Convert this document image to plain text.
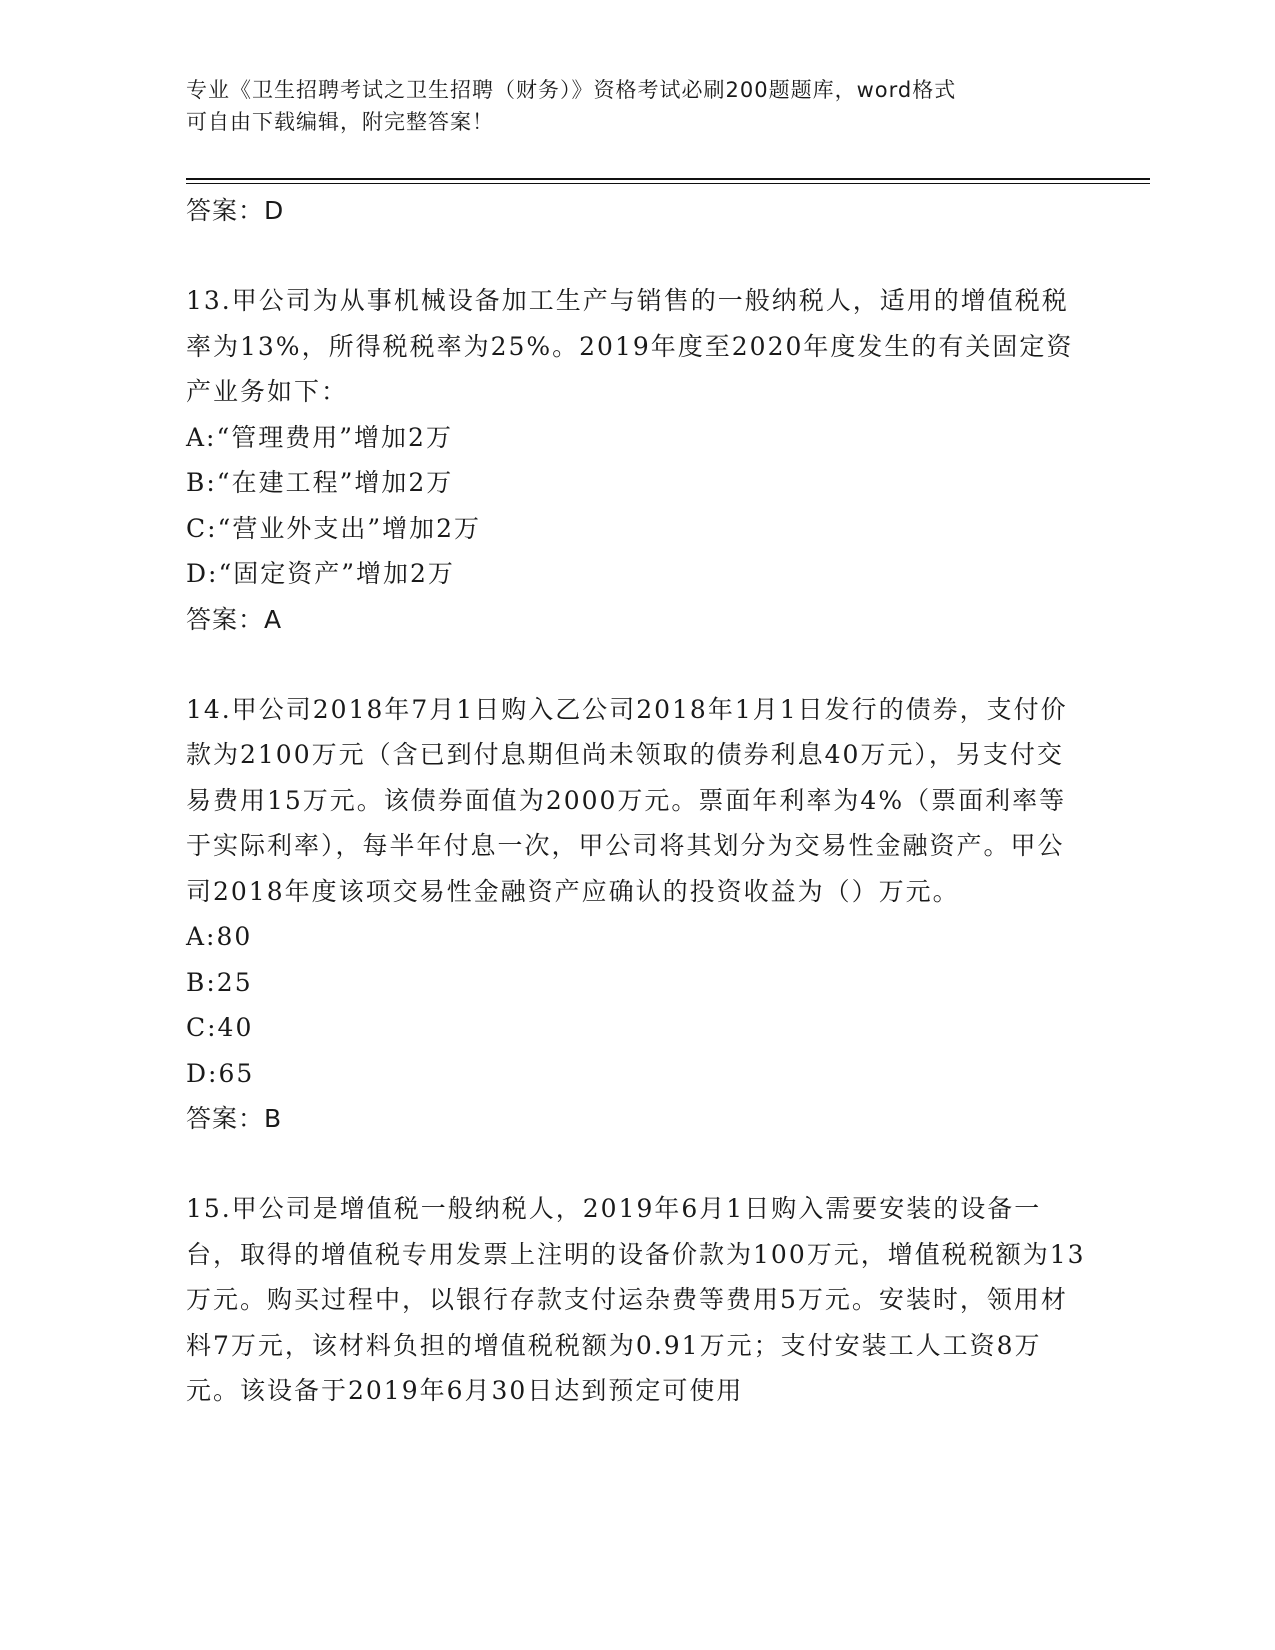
专业《卫生招聘考试之卫生招聘（财务）》资格考试必刷200题题库，word格式
可自由下载编辑，附完整答案！
答案：D

13.甲公司为从事机械设备加工生产与销售的一般纳税人，适用的增值税税率为13%，所得税税率为25%。2019年度至2020年度发生的有关固定资产业务如下：

A:“管理费用”增加2万
B:“在建工程”增加2万
C:“营业外支出”增加2万
D:“固定资产”增加2万
答案：A

14.甲公司2018年7月1日购入乙公司2018年1月1日发行的债券，支付价款为2100万元（含已到付息期但尚未领取的债券利息40万元），另支付交易费用15万元。该债券面值为2000万元。票面年利率为4%（票面利率等于实际利率），每半年付息一次，甲公司将其划分为交易性金融资产。甲公司2018年度该项交易性金融资产应确认的投资收益为（）万元。

A:80
B:25
C:40
D:65
答案：B

15.甲公司是增值税一般纳税人，2019年6月1日购入需要安装的设备一台，取得的增值税专用发票上注明的设备价款为100万元，增值税税额为13万元。购买过程中，以银行存款支付运杂费等费用5万元。安装时，领用材料7万元，该材料负担的增值税税额为0.91万元；支付安装工人工资8万元。该设备于2019年6月30日达到预定可使用
